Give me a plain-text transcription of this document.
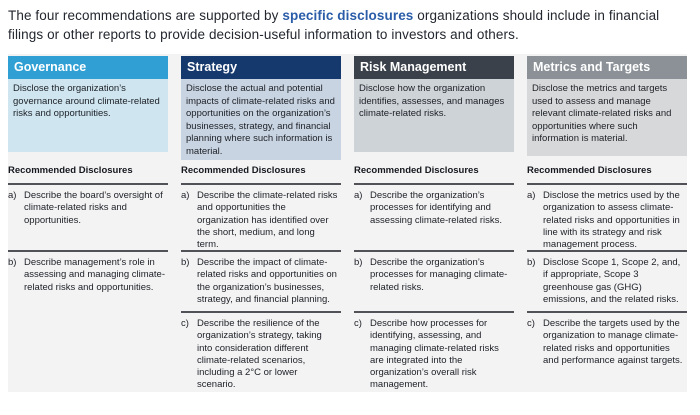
The four recommendations are supported by specific disclosures organizations should include in financial filings or other reports to provide decision-useful information to investors and others.

Governance
Disclose the organization’s governance around climate-related risks and opportunities.
Recommended Disclosures
a) Describe the board’s oversight of climate-related risks and opportunities.
b) Describe management’s role in assessing and managing climate-related risks and opportunities.
Strategy
Disclose the actual and potential impacts of climate-related risks and opportunities on the organization’s businesses, strategy, and financial planning where such information is material.
Recommended Disclosures
a) Describe the climate-related risks and opportunities the organization has identified over the short, medium, and long term.
b) Describe the impact of climate-related risks and opportunities on the organization’s businesses, strategy, and financial planning.
c) Describe the resilience of the organization’s strategy, taking into consideration different climate-related scenarios, including a 2°C or lower scenario.
Risk Management
Disclose how the organization identifies, assesses, and manages climate-related risks.
Recommended Disclosures
a) Describe the organization’s processes for identifying and assessing climate-related risks.
b) Describe the organization’s processes for managing climate-related risks.
c) Describe how processes for identifying, assessing, and managing climate-related risks are integrated into the organization’s overall risk management.
Metrics and Targets
Disclose the metrics and targets used to assess and manage relevant climate-related risks and opportunities where such information is material.
Recommended Disclosures
a) Disclose the metrics used by the organization to assess climate-related risks and opportunities in line with its strategy and risk management process.
b) Disclose Scope 1, Scope 2, and, if appropriate, Scope 3 greenhouse gas (GHG) emissions, and the related risks.
c) Describe the targets used by the organization to manage climate-related risks and opportunities and performance against targets.
